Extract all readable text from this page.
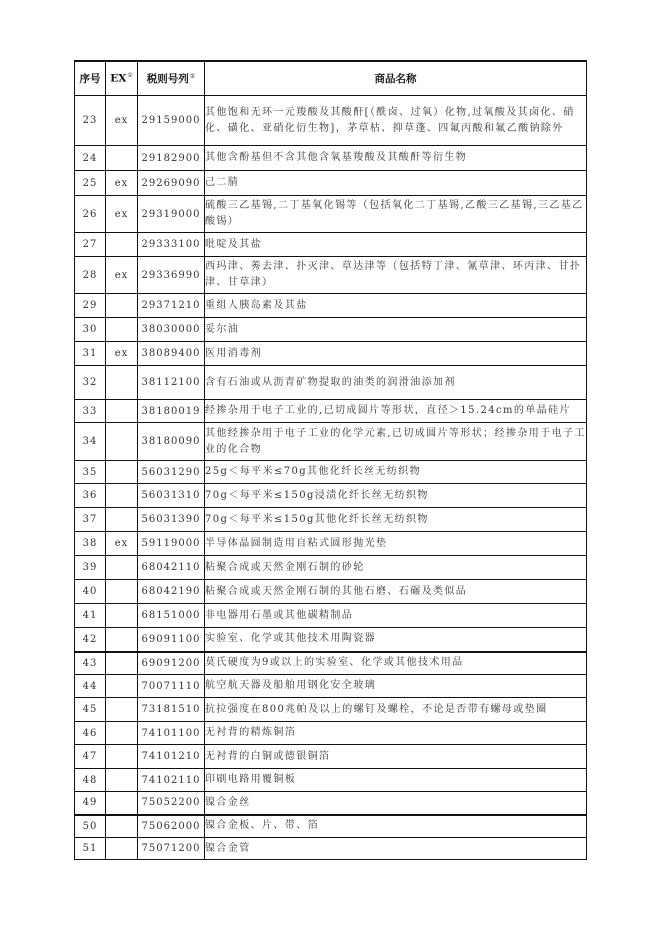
序号	EX①	税则号列②	商品名称
23	ex	29159000	其他饱和无环一元羧酸及其酸酐[（酰卤、过氧）化物,过氧酸及其卤化、硝化、磺化、亚硝化衍生物]，茅草枯、抑草蓬、四氟丙酸和氟乙酸钠除外
24		29182900	其他含酚基但不含其他含氧基羧酸及其酸酐等衍生物
25	ex	29269090	己二腈
26	ex	29319000	硫酸三乙基锡,二丁基氧化锡等（包括氧化二丁基锡,乙酸三乙基锡,三乙基乙酸锡）
27		29333100	吡啶及其盐
28	ex	29336990	西玛津、莠去津、扑灭津、草达津等（包括特丁津、氰草津、环丙津、甘扑津、甘草津）
29		29371210	重组人胰岛素及其盐
30		38030000	妥尔油
31	ex	38089400	医用消毒剂
32		38112100	含有石油或从沥青矿物提取的油类的润滑油添加剂
33		38180019	经掺杂用于电子工业的,已切成圆片等形状，直径＞15.24cm的单晶硅片
34		38180090	其他经掺杂用于电子工业的化学元素,已切成圆片等形状；经掺杂用于电子工业的化合物
35		56031290	25g＜每平米≤70g其他化纤长丝无纺织物
36		56031310	70g＜每平米≤150g浸渍化纤长丝无纺织物
37		56031390	70g＜每平米≤150g其他化纤长丝无纺织物
38	ex	59119000	半导体晶圆制造用自粘式圆形抛光垫
39		68042110	粘聚合成或天然金刚石制的砂轮
40		68042190	粘聚合成或天然金刚石制的其他石磨、石碾及类似品
41		68151000	非电器用石墨或其他碳精制品
42		69091100	实验室、化学或其他技术用陶瓷器
43		69091200	莫氏硬度为9或以上的实验室、化学或其他技术用品
44		70071110	航空航天器及船舶用钢化安全玻璃
45		73181510	抗拉强度在800兆帕及以上的螺钉及螺栓，不论是否带有螺母或垫圈
46		74101100	无衬背的精炼铜箔
47		74101210	无衬背的白铜或德银铜箔
48		74102110	印刷电路用覆铜板
49		75052200	镍合金丝
50		75062000	镍合金板、片、带、箔
51		75071200	镍合金管
